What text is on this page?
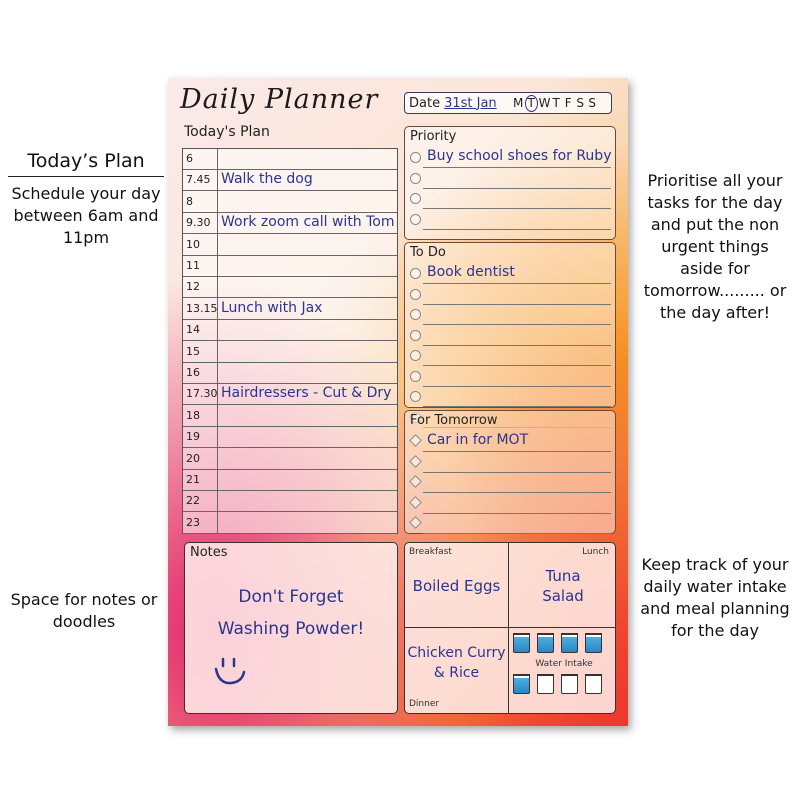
Today’s Plan
Schedule your day between 6am and 11pm
Space for notes or doodles
Prioritise all your tasks for the day and put the non urgent things aside for tomorrow......... or the day after!
Keep track of your daily water intake and meal planning for the day
Daily Planner Date 31st Jan M T W T F S S
Today's Plan
6
7.45 Walk the dog
8
9.30 Work zoom call with Tom
10
11
12
13.15 Lunch with Jax
14
15
16
17.30 Hairdressers - Cut & Dry
18
19
20
21
22
23
Priority
Buy school shoes for Ruby
To Do
Book dentist
For Tomorrow
Car in for MOT
Notes
Don't Forget
Washing Powder!
Breakfast
Boiled Eggs
Lunch
Tuna
Salad
Chicken Curry
& Rice
Dinner
Water Intake
